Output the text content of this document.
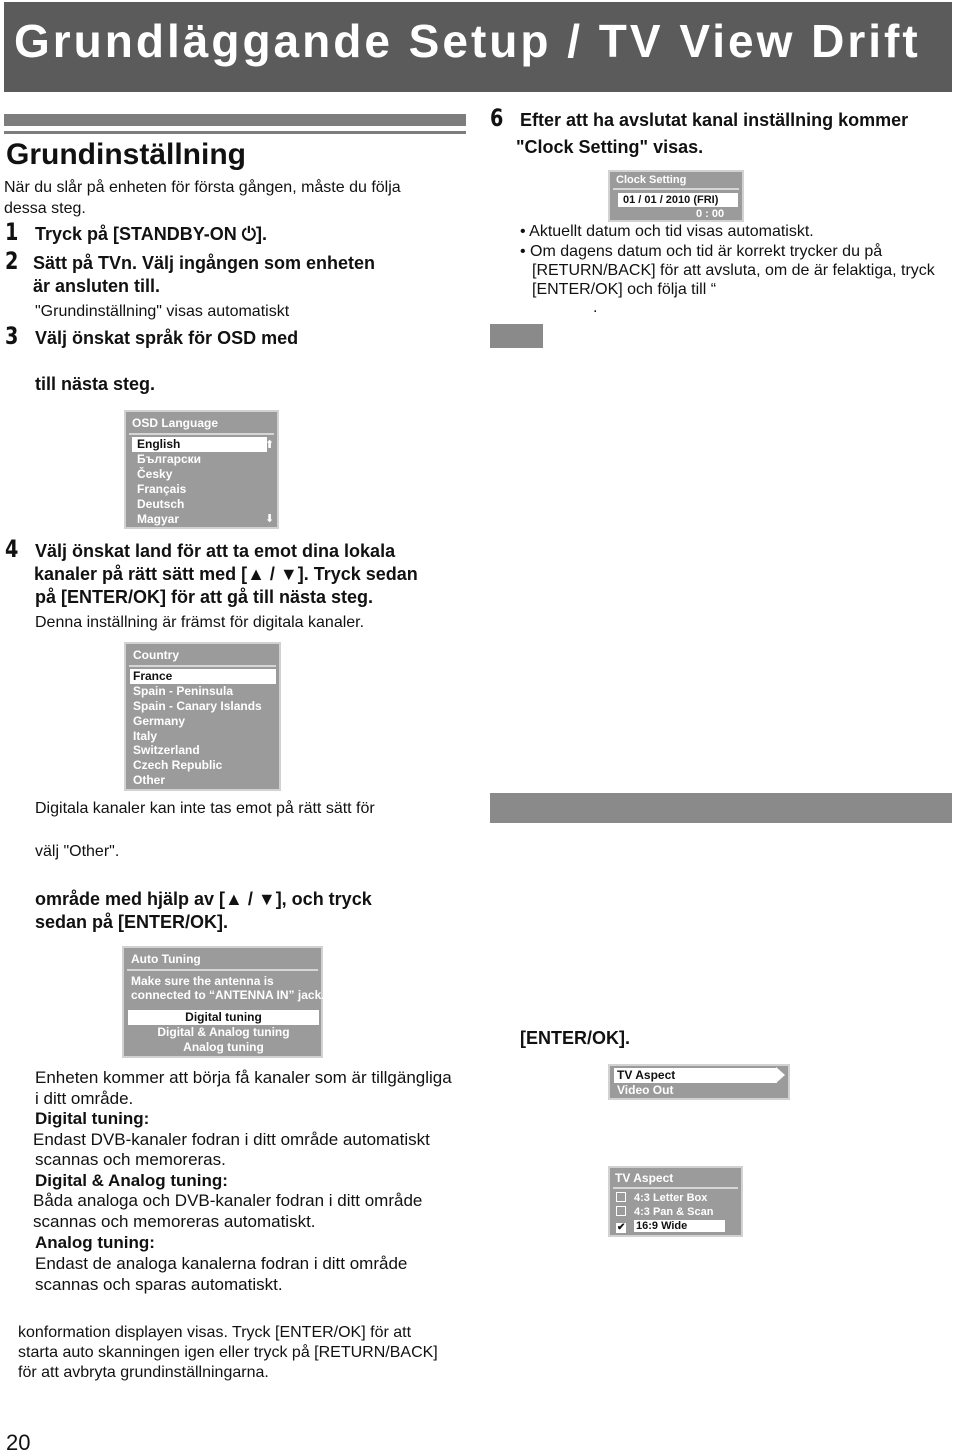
Grundläggande Setup / TV View Drift
Grundinställning
När du slår på enheten för första gången, måste du följa
dessa steg.
1 Tryck på [STANDBY-ON ⏻].
2 Sätt på TVn. Välj ingången som enheten
är ansluten till.
"Grundinställning" visas automatiskt
3 Välj önskat språk för OSD med
till nästa steg.
OSD Language
English
Български
Česky
Français
Deutsch
Magyar
⬆
⬇
4 Välj önskat land för att ta emot dina lokala
kanaler på rätt sätt med [▲ / ▼]. Tryck sedan
på [ENTER/OK] för att gå till nästa steg.
Denna inställning är främst för digitala kanaler.
Country
France
Spain - Peninsula
Spain - Canary Islands
Germany
Italy
Switzerland
Czech Republic
Other
Digitala kanaler kan inte tas emot på rätt sätt för
välj "Other".
område med hjälp av [▲ / ▼], och tryck
sedan på [ENTER/OK].
Auto Tuning
Make sure the antenna is
connected to “ANTENNA IN” jack.
Digital tuning
Digital & Analog tuning
Analog tuning
Enheten kommer att börja få kanaler som är tillgängliga
i ditt område.
Digital tuning:
Endast DVB-kanaler fodran i ditt område automatiskt
scannas och memoreras.
Digital & Analog tuning:
Båda analoga och DVB-kanaler fodran i ditt område
scannas och memoreras automatiskt.
Analog tuning:
Endast de analoga kanalerna fodran i ditt område
scannas och sparas automatiskt.
konformation displayen visas. Tryck [ENTER/OK] för att
starta auto skanningen igen eller tryck på [RETURN/BACK]
för att avbryta grundinställningarna.
20
6 Efter att ha avslutat kanal inställning kommer
"Clock Setting" visas.
Clock Setting
01 / 01 / 2010 (FRI)
0 : 00
• Aktuellt datum och tid visas automatiskt.
• Om dagens datum och tid är korrekt trycker du på
[RETURN/BACK] för att avsluta, om de är felaktiga, tryck
[ENTER/OK] och följa till “
.
[ENTER/OK].
TV Aspect
Video Out
TV Aspect
4:3 Letter Box
4:3 Pan & Scan
✔ 16:9 Wide
